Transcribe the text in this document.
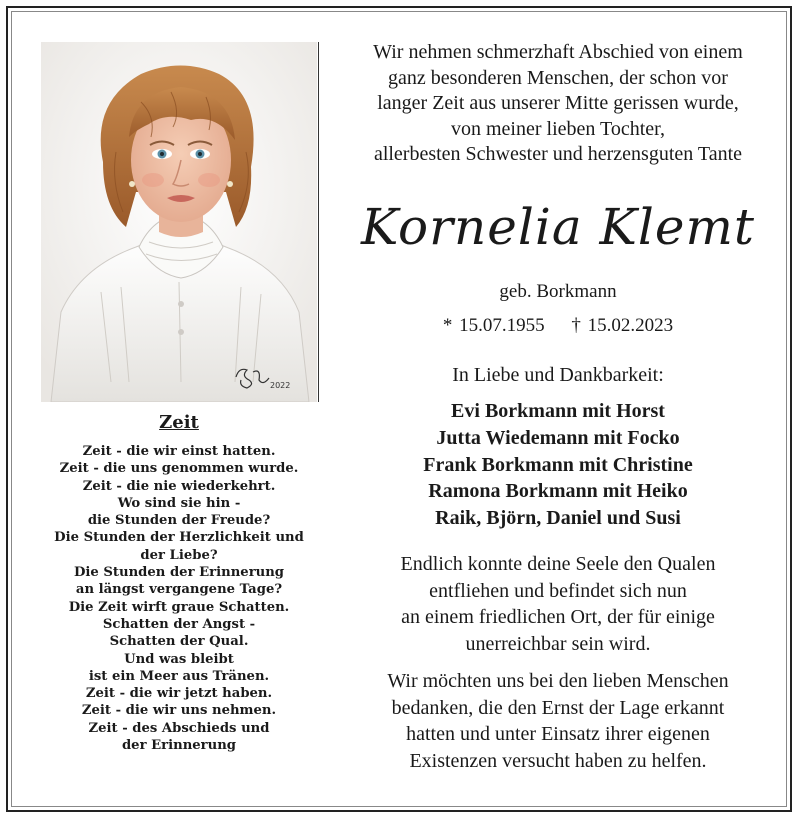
2022
Zeit
Zeit - die wir einst hatten.
Zeit - die uns genommen wurde.
Zeit - die nie wiederkehrt.
Wo sind sie hin -
die Stunden der Freude?
Die Stunden der Herzlichkeit und
der Liebe?
Die Stunden der Erinnerung
an längst vergangene Tage?
Die Zeit wirft graue Schatten.
Schatten der Angst -
Schatten der Qual.
Und was bleibt
ist ein Meer aus Tränen.
Zeit - die wir jetzt haben.
Zeit - die wir uns nehmen.
Zeit - des Abschieds und
der Erinnerung
Wir nehmen schmerzhaft Abschied von einem
ganz besonderen Menschen, der schon vor
langer Zeit aus unserer Mitte gerissen wurde,
von meiner lieben Tochter,
allerbesten Schwester und herzensguten Tante
Kornelia Klemt
geb. Borkmann
* 15.07.1955 † 15.02.2023
In Liebe und Dankbarkeit:
Evi Borkmann mit Horst
Jutta Wiedemann mit Focko
Frank Borkmann mit Christine
Ramona Borkmann mit Heiko
Raik, Björn, Daniel und Susi
Endlich konnte deine Seele den Qualen
entfliehen und befindet sich nun
an einem friedlichen Ort, der für einige
unerreichbar sein wird.
Wir möchten uns bei den lieben Menschen
bedanken, die den Ernst der Lage erkannt
hatten und unter Einsatz ihrer eigenen
Existenzen versucht haben zu helfen.
